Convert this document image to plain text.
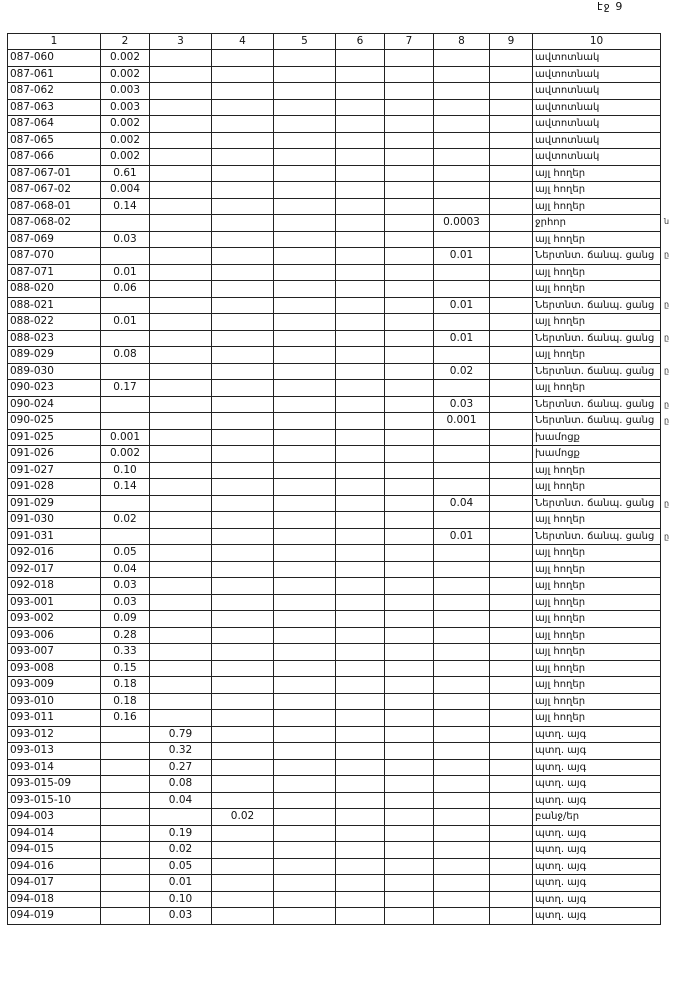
էջ 9
1	2	3	4	5	6	7	8	9	10
087-060	0.002								ավտոտնակ
087-061	0.002								ավտոտնակ
087-062	0.003								ավտոտնակ
087-063	0.003								ավտոտնակ
087-064	0.002								ավտոտնակ
087-065	0.002								ավտոտնակ
087-066	0.002								ավտոտնակ
087-067-01	0.61								այլ հողեր
087-067-02	0.004								այլ հողեր
087-068-01	0.14								այլ հողեր
087-068-02							0.0003		ջրհոր
087-069	0.03								այլ հողեր
087-070							0.01		Ներտնտ. ճանպ. ցանց
087-071	0.01								այլ հողեր
088-020	0.06								այլ հողեր
088-021							0.01		Ներտնտ. ճանպ. ցանց
088-022	0.01								այլ հողեր
088-023							0.01		Ներտնտ. ճանպ. ցանց
089-029	0.08								այլ հողեր
089-030							0.02		Ներտնտ. ճանպ. ցանց
090-023	0.17								այլ հողեր
090-024							0.03		Ներտնտ. ճանպ. ցանց
090-025							0.001		Ներտնտ. ճանպ. ցանց
091-025	0.001								խամոցք
091-026	0.002								խամոցք
091-027	0.10								այլ հողեր
091-028	0.14								այլ հողեր
091-029							0.04		Ներտնտ. ճանպ. ցանց
091-030	0.02								այլ հողեր
091-031							0.01		Ներտնտ. ճանպ. ցանց
092-016	0.05								այլ հողեր
092-017	0.04								այլ հողեր
092-018	0.03								այլ հողեր
093-001	0.03								այլ հողեր
093-002	0.09								այլ հողեր
093-006	0.28								այլ հողեր
093-007	0.33								այլ հողեր
093-008	0.15								այլ հողեր
093-009	0.18								այլ հողեր
093-010	0.18								այլ հողեր
093-011	0.16								այլ հողեր
093-012		0.79							պտղ. այգ
093-013		0.32							պտղ. այգ
093-014		0.27							պտղ. այգ
093-015-09		0.08							պտղ. այգ
093-015-10		0.04							պտղ. այգ
094-003			0.02						բանջ/եր
094-014		0.19							պտղ. այգ
094-015		0.02							պտղ. այգ
094-016		0.05							պտղ. այգ
094-017		0.01							պտղ. այգ
094-018		0.10							պտղ. այգ
094-019		0.03							պտղ. այգ
ն
ը
ը
ը
ը
ը
ը
ը
ը
